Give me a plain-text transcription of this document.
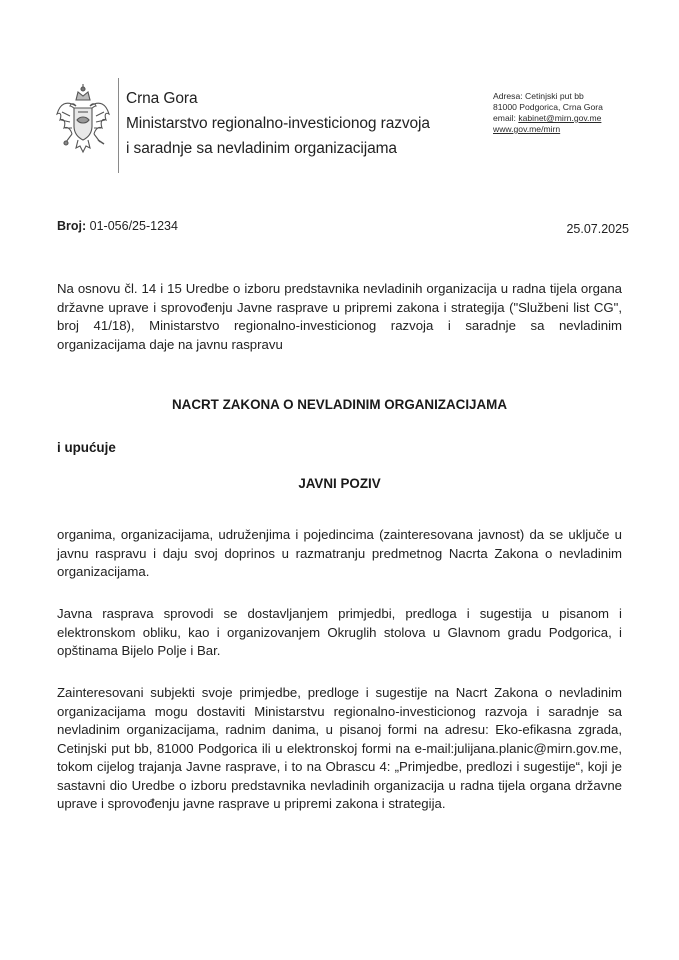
Crna Gora
Ministarstvo regionalno-investicionog razvoja
i saradnje sa nevladinim organizacijama
Adresa: Cetinjski put bb
81000 Podgorica, Crna Gora
email: kabinet@mirn.gov.me
www.gov.me/mirn
Broj: 01-056/25-1234	25.07.2025
Na osnovu čl. 14 i 15 Uredbe o izboru predstavnika nevladinih organizacija u radna tijela organa državne uprave i sprovođenju Javne rasprave u pripremi zakona i strategija ("Službeni list CG", broj 41/18), Ministarstvo regionalno-investicionog razvoja i saradnje sa nevladinim organizacijama daje na javnu raspravu
NACRT ZAKONA O NEVLADINIM ORGANIZACIJAMA
i upućuje
JAVNI POZIV
organima, organizacijama, udruženjima i pojedincima (zainteresovana javnost) da se uključe u javnu raspravu i daju svoj doprinos u razmatranju predmetnog Nacrta Zakona o nevladinim organizacijama.
Javna rasprava sprovodi se dostavljanjem primjedbi, predloga i sugestija u pisanom i elektronskom obliku, kao i organizovanjem Okruglih stolova u Glavnom gradu Podgorica, i opštinama Bijelo Polje i Bar.
Zainteresovani subjekti svoje primjedbe, predloge i sugestije na Nacrt Zakona o nevladinim organizacijama mogu dostaviti Ministarstvu regionalno-investicionog razvoja i saradnje sa nevladinim organizacijama, radnim danima, u pisanoj formi na adresu: Eko-efikasna zgrada, Cetinjski put bb, 81000 Podgorica ili u elektronskoj formi na e-mail:julijana.planic@mirn.gov.me, tokom cijelog trajanja Javne rasprave, i to na Obrascu 4: „Primjedbe, predlozi i sugestije“, koji je sastavni dio Uredbe o izboru predstavnika nevladinih organizacija u radna tijela organa državne uprave i sprovođenju javne rasprave u pripremi zakona i strategija.
